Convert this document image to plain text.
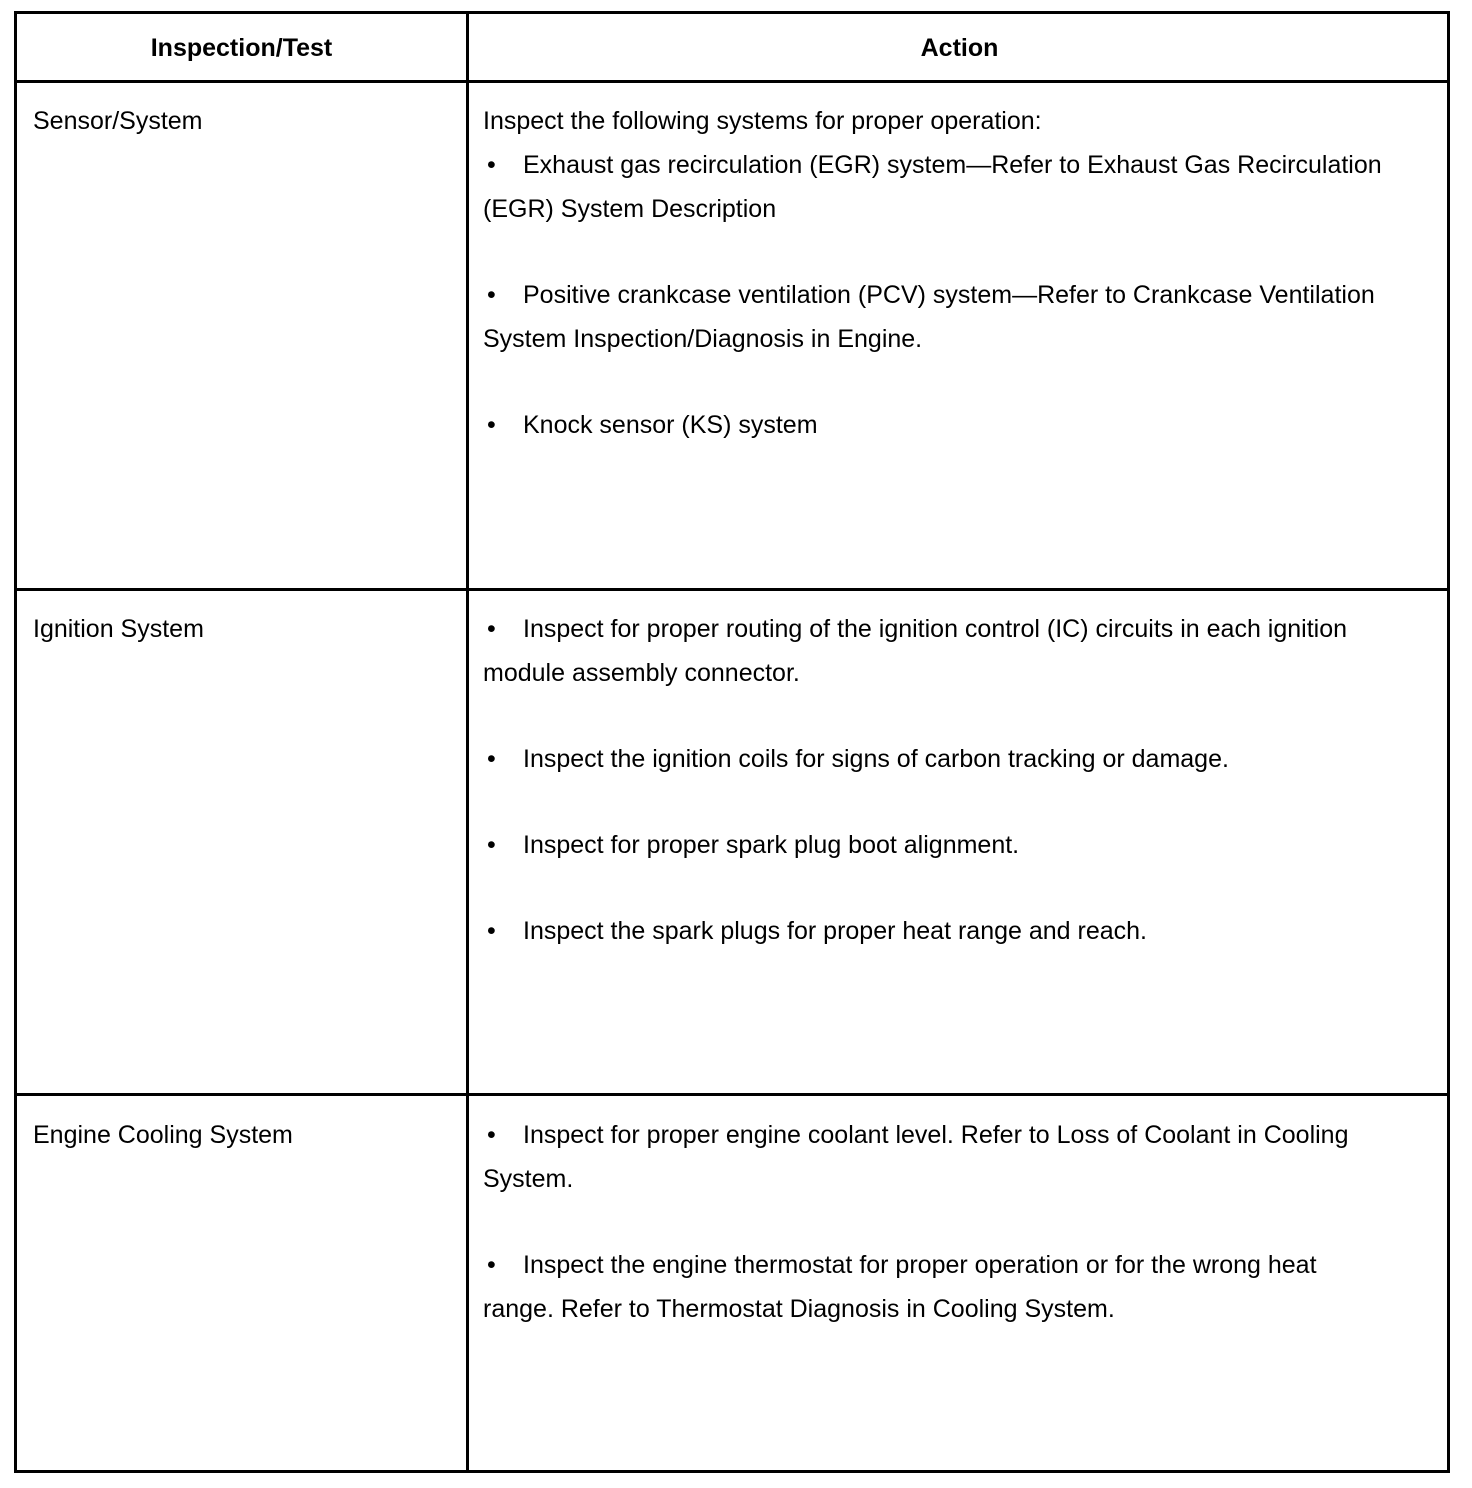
Inspection/Test	Action
Sensor/System	Inspect the following systems for proper operation:

• Exhaust gas recirculation (EGR) system—Refer to Exhaust Gas Recirculation (EGR) System Description

• Positive crankcase ventilation (PCV) system—Refer to Crankcase Ventilation System Inspection/Diagnosis in Engine.

• Knock sensor (KS) system

Ignition System	• Inspect for proper routing of the ignition control (IC) circuits in each ignition module assembly connector.

• Inspect the ignition coils for signs of carbon tracking or damage.

• Inspect for proper spark plug boot alignment.

• Inspect the spark plugs for proper heat range and reach.

Engine Cooling System	• Inspect for proper engine coolant level. Refer to Loss of Coolant in Cooling System.

• Inspect the engine thermostat for proper operation or for the wrong heat range. Refer to Thermostat Diagnosis in Cooling System.
